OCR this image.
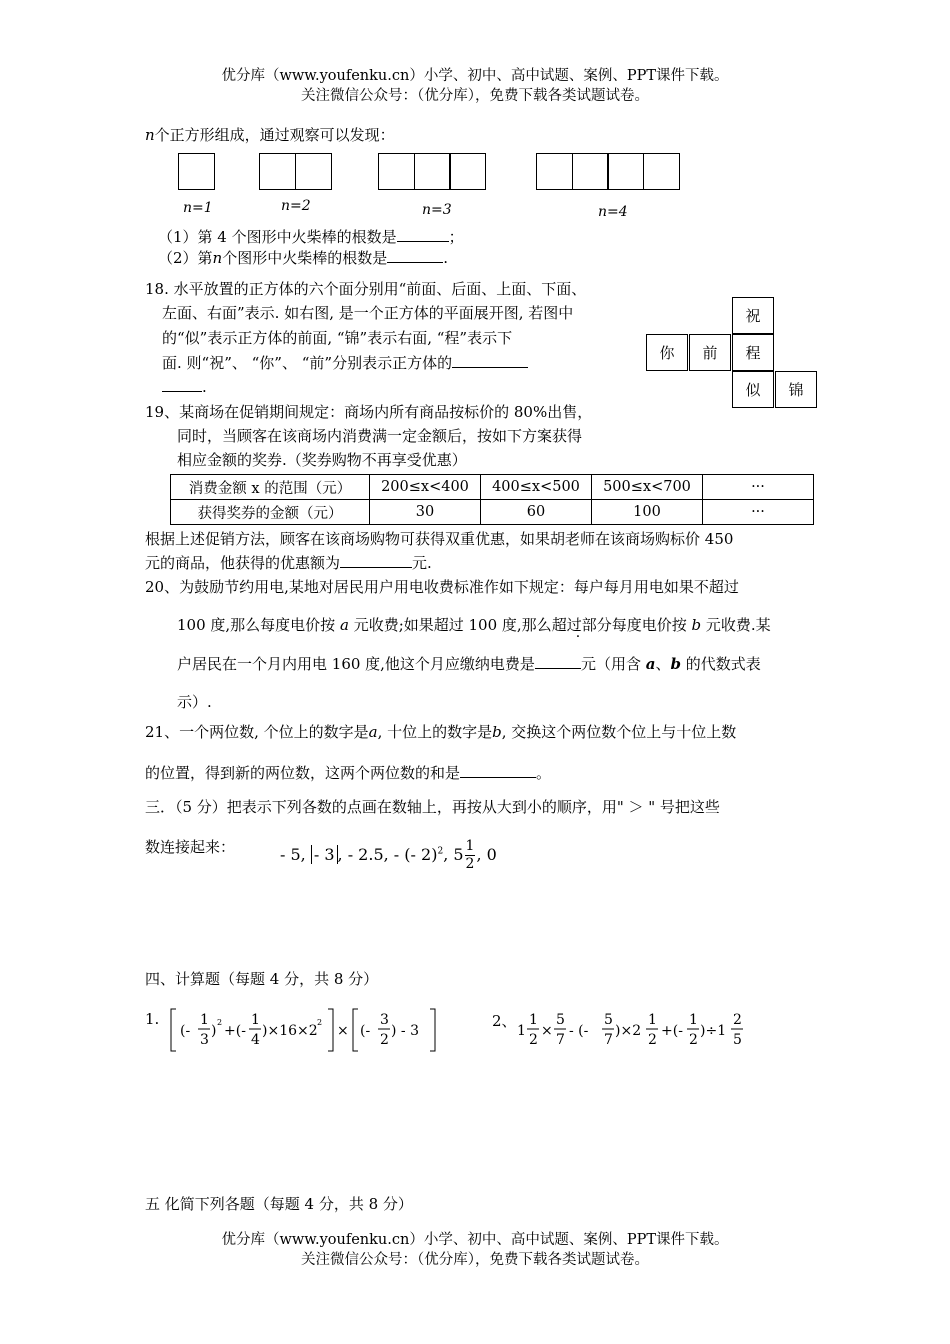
优分库（www.youfenku.cn）小学、初中、高中试题、案例、PPT课件下载。
关注微信公众号：（优分库），免费下载各类试题试卷。
n个正方形组成，通过观察可以发现：
n=1	n=2	n=3	n=4
（1）第 4 个图形中火柴棒的根数是	；
（2）第n个图形中火柴棒的根数是	.
18. 水平放置的正方体的六个面分别用“前面、后面、上面、下面、
左面、右面”表示. 如右图, 是一个正方体的平面展开图, 若图中
的“似”表示正方体的前面, “锦”表示右面, “程”表示下
面. 则“祝”、 “你”、 “前”分别表示正方体的
.
祝
你	前	程
似	锦
19、某商场在促销期间规定：商场内所有商品按标价的 80%出售，
同时，当顾客在该商场内消费满一定金额后，按如下方案获得
相应金额的奖券.（奖券购物不再享受优惠）
消费金额 x 的范围（元）	200≤x<400	400≤x<500	500≤x<700	···
获得奖券的金额（元）	30	60	100	···
根据上述促销方法，顾客在该商场购物可获得双重优惠，如果胡老师在该商场购标价 450
元的商品，他获得的优惠额为	元.
20、为鼓励节约用电,某地对居民用户用电收费标准作如下规定：每户每月用电如果不超过
100 度,那么每度电价按 a 元收费;如果超过 100 度,那么超过部分每度电价按 b 元收费.某
户居民在一个月内用电 160 度,他这个月应缴纳电费是	元（用含 a、b 的代数式表
示）.
21、一个两位数, 个位上的数字是a, 十位上的数字是b, 交换这个两位数个位上与十位上数
的位置，得到新的两位数，这两个两位数的和是	。
三．（5 分）把表示下列各数的点画在数轴上，再按从大到小的顺序，用" ＞ " 号把这些
数连接起来：	- 5, - 3 , - 2.5, - (- 2)$^2$, $5 \frac{1}{2}$ , 0
四、计算题（每题 4 分，共 8 分）
1.
(-
1
3
)
2
+(-
1
4
)×16×2
2
× (-
3
2
) - 3
2、
1
1
2
×
5
7
- (-
5
7
)×2
1
2
+(-
1
2
)÷1
2
5
五 化简下列各题（每题 4 分，共 8 分）
优分库（www.youfenku.cn）小学、初中、高中试题、案例、PPT课件下载。
关注微信公众号：（优分库），免费下载各类试题试卷。
